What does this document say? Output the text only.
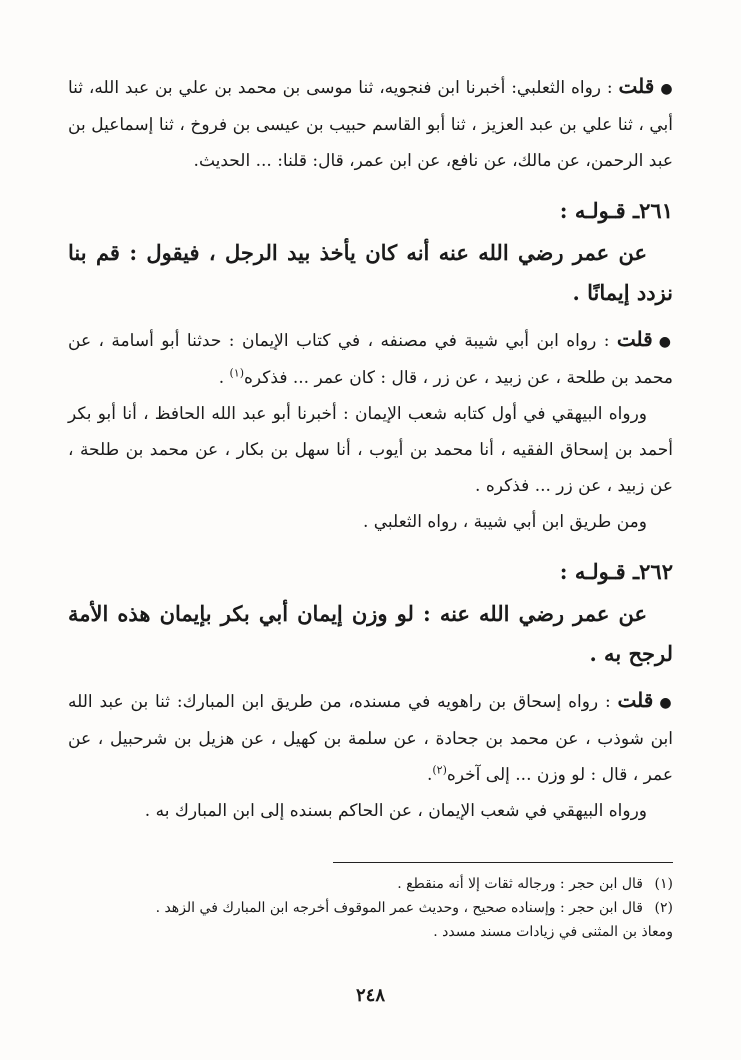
●قلت : رواه الثعلبي: أخبرنا ابن فنجويه، ثنا موسى بن محمد بن علي بن عبد الله، ثنا أبي ، ثنا علي بن عبد العزيز ، ثنا أبو القاسم حبيب بن عيسى بن فروخ ، ثنا إسماعيل بن عبد الرحمن، عن مالك، عن نافع، عن ابن عمر، قال: قلنا: ... الحديث.

٢٦١ـ قـولـه :

عن عمر رضي الله عنه أنه كان يأخذ بيد الرجل ، فيقول : قم بنا نزدد إيمانًا .

●قلت : رواه ابن أبي شيبة في مصنفه ، في كتاب الإيمان : حدثنا أبو أسامة ، عن محمد بن طلحة ، عن زبيد ، عن زر ، قال : كان عمر ... فذكره$^{(١)}$ .

ورواه البيهقي في أول كتابه شعب الإيمان : أخبرنا أبو عبد الله الحافظ ، أنا أبو بكر أحمد بن إسحاق الفقيه ، أنا محمد بن أيوب ، أنا سهل بن بكار ، عن محمد بن طلحة ، عن زبيد ، عن زر ... فذكره .

ومن طريق ابن أبي شيبة ، رواه الثعلبي .

٢٦٢ـ قـولـه :

عن عمر رضي الله عنه : لو وزن إيمان أبي بكر بإيمان هذه الأمة لرجح به .

●قلت : رواه إسحاق بن راهويه في مسنده، من طريق ابن المبارك: ثنا بن عبد الله ابن شوذب ، عن محمد بن جحادة ، عن سلمة بن كهيل ، عن هزيل بن شرحبيل ، عن عمر ، قال : لو وزن ... إلى آخره$^{(٢)}$.

ورواه البيهقي في شعب الإيمان ، عن الحاكم بسنده إلى ابن المبارك به .

(١)قال ابن حجر : ورجاله ثقات إلا أنه منقطع .

(٢)قال ابن حجر : وإسناده صحيح ، وحديث عمر الموقوف أخرجه ابن المبارك في الزهد .

ومعاذ بن المثنى في زيادات مسند مسدد .

٢٤٨
